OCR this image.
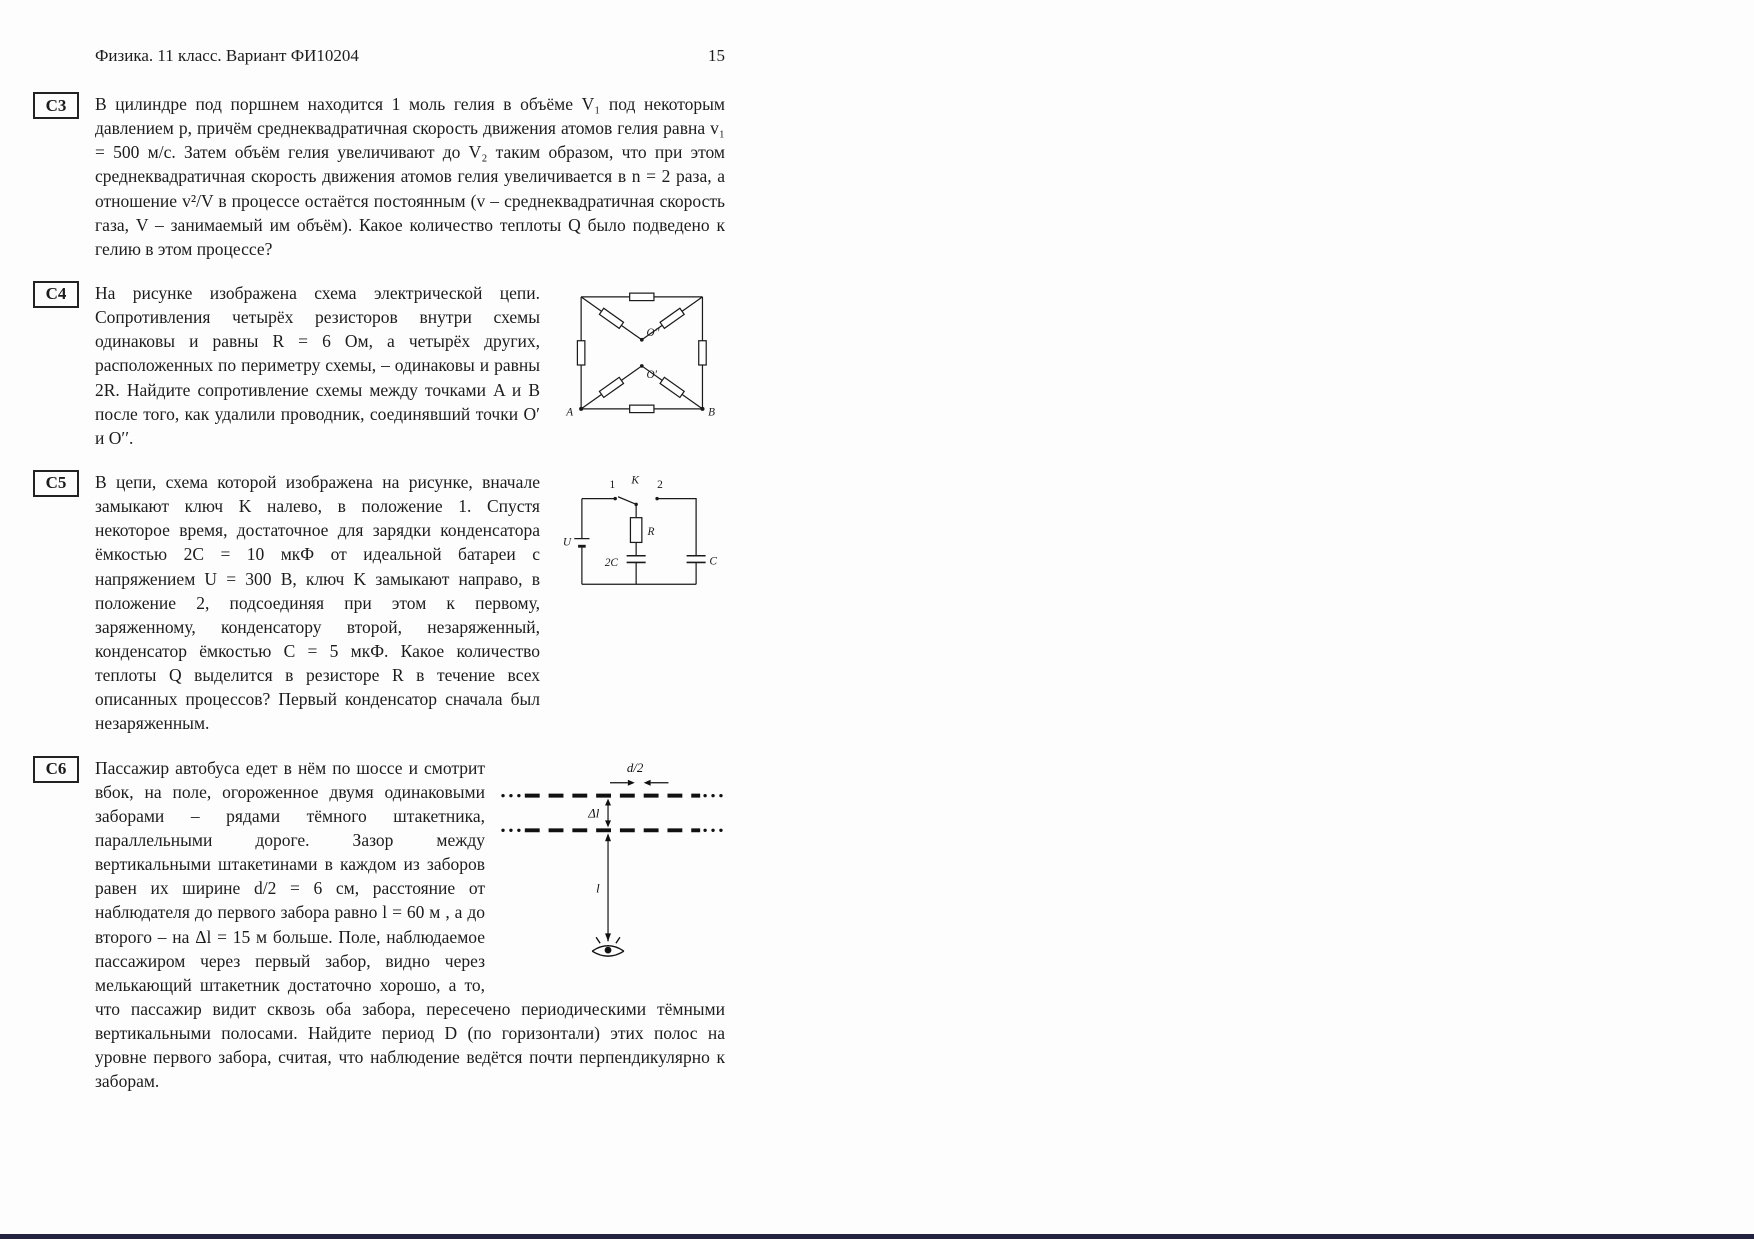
Физика. 11 класс. Вариант ФИ10204	15
C3	В цилиндре под поршнем находится 1 моль гелия в объёме V₁ под некоторым давлением p, причём среднеквадратичная скорость движения атомов гелия равна v₁ = 500 м/с. Затем объём гелия увеличивают до V₂ таким образом, что при этом среднеквадратичная скорость движения атомов гелия увеличивается в n = 2 раза, а отношение v²/V в процессе остаётся постоянным (v – среднеквадратичная скорость газа, V – занимаемый им объём). Какое количество теплоты Q было подведено к гелию в этом процессе?

C4	На рисунке изображена схема электрической цепи. Сопротивления четырёх резисторов внутри схемы одинаковы и равны R = 6 Ом, а четырёх других, расположенных по периметру схемы, – одинаковы и равны 2R. Найдите сопротивление схемы между точками A и B после того, как удалили проводник, соединявший точки O′ и O′′.

O′′
O′
A	B
C5	В цепи, схема которой изображена на рисунке, вначале замыкают ключ K налево, в положение 1. Спустя некоторое время, достаточное для зарядки конденсатора ёмкостью 2C = 10 мкФ от идеальной батареи с напряжением U = 300 В, ключ K замыкают направо, в положение 2, подсоединяя при этом к первому, заряженному, конденсатору второй, незаряженный, конденсатор ёмкостью C = 5 мкФ. Какое количество теплоты Q выделится в резисторе R в течение всех описанных процессов? Первый конденсатор сначала был незаряженным.

K
1	2
U
R
2C	C
C6	d/2
Δl
l

Пассажир автобуса едет в нём по шоссе и смотрит вбок, на поле, огороженное двумя одинаковыми заборами – рядами тёмного штакетника, параллельными дороге. Зазор между вертикальными штакетинами в каждом из заборов равен их ширине d/2 = 6 см, расстояние от наблюдателя до первого забора равно l = 60 м , а до второго – на Δl = 15 м больше. Поле, наблюдаемое пассажиром через первый забор, видно через мелькающий штакетник достаточно хорошо, а то, что пассажир видит сквозь оба забора, пересечено периодическими тёмными вертикальными полосами. Найдите период D (по горизонтали) этих полос на уровне первого забора, считая, что наблюдение ведётся почти перпендикулярно к заборам.
